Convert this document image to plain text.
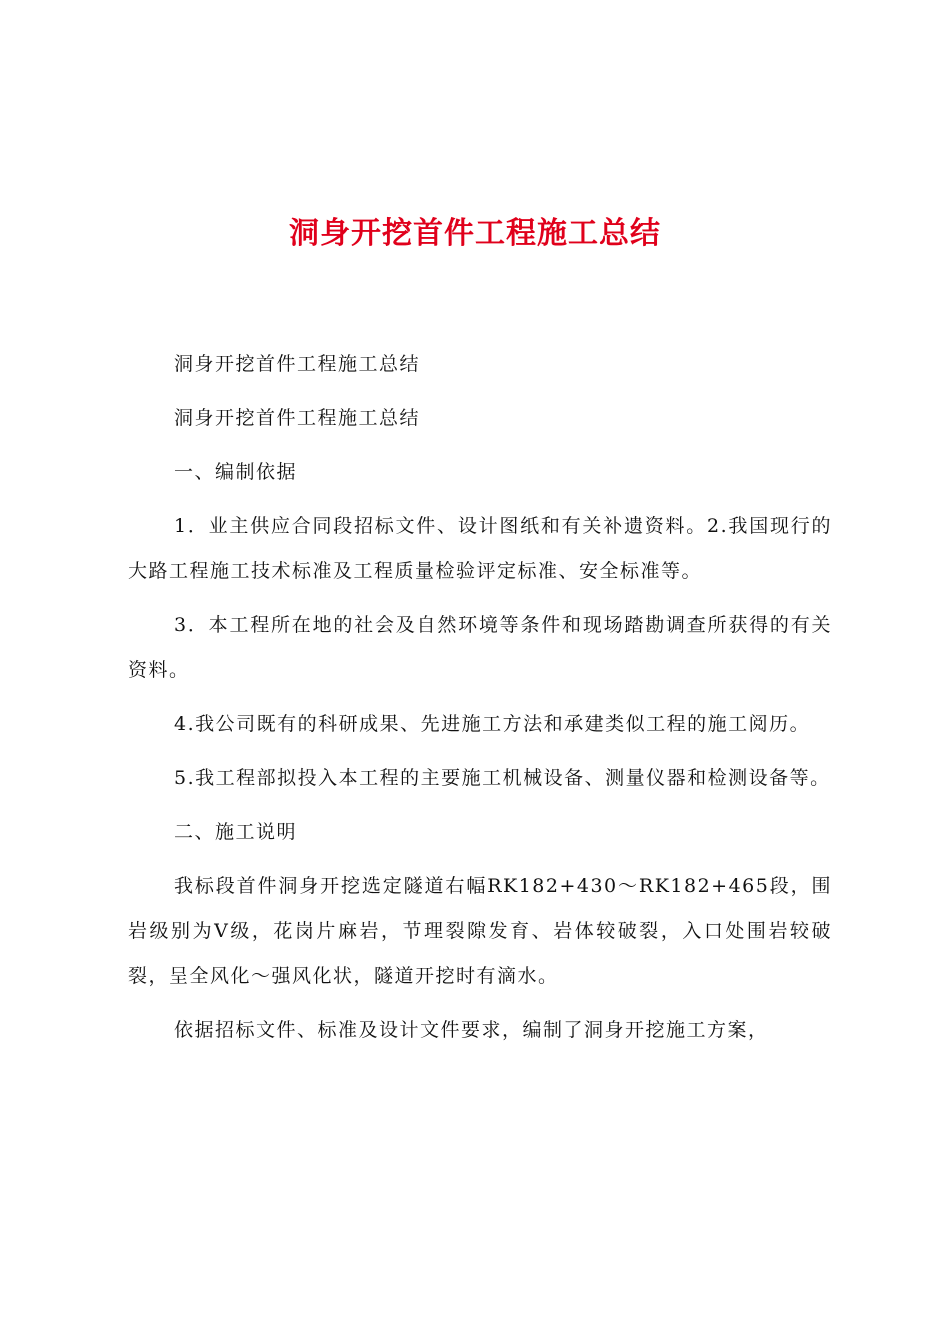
洞身开挖首件工程施工总结

洞身开挖首件工程施工总结

洞身开挖首件工程施工总结

一、编制依据

1．业主供应合同段招标文件、设计图纸和有关补遗资料。2.我国现行的大路工程施工技术标准及工程质量检验评定标准、安全标准等。

3．本工程所在地的社会及自然环境等条件和现场踏勘调查所获得的有关资料。

4.我公司既有的科研成果、先进施工方法和承建类似工程的施工阅历。

5.我工程部拟投入本工程的主要施工机械设备、测量仪器和检测设备等。

二、施工说明

我标段首件洞身开挖选定隧道右幅RK182+430～RK182+465段，围岩级别为Ⅴ级，花岗片麻岩，节理裂隙发育、岩体较破裂，入口处围岩较破裂，呈全风化～强风化状，隧道开挖时有滴水。

依据招标文件、标准及设计文件要求，编制了洞身开挖施工方案，
